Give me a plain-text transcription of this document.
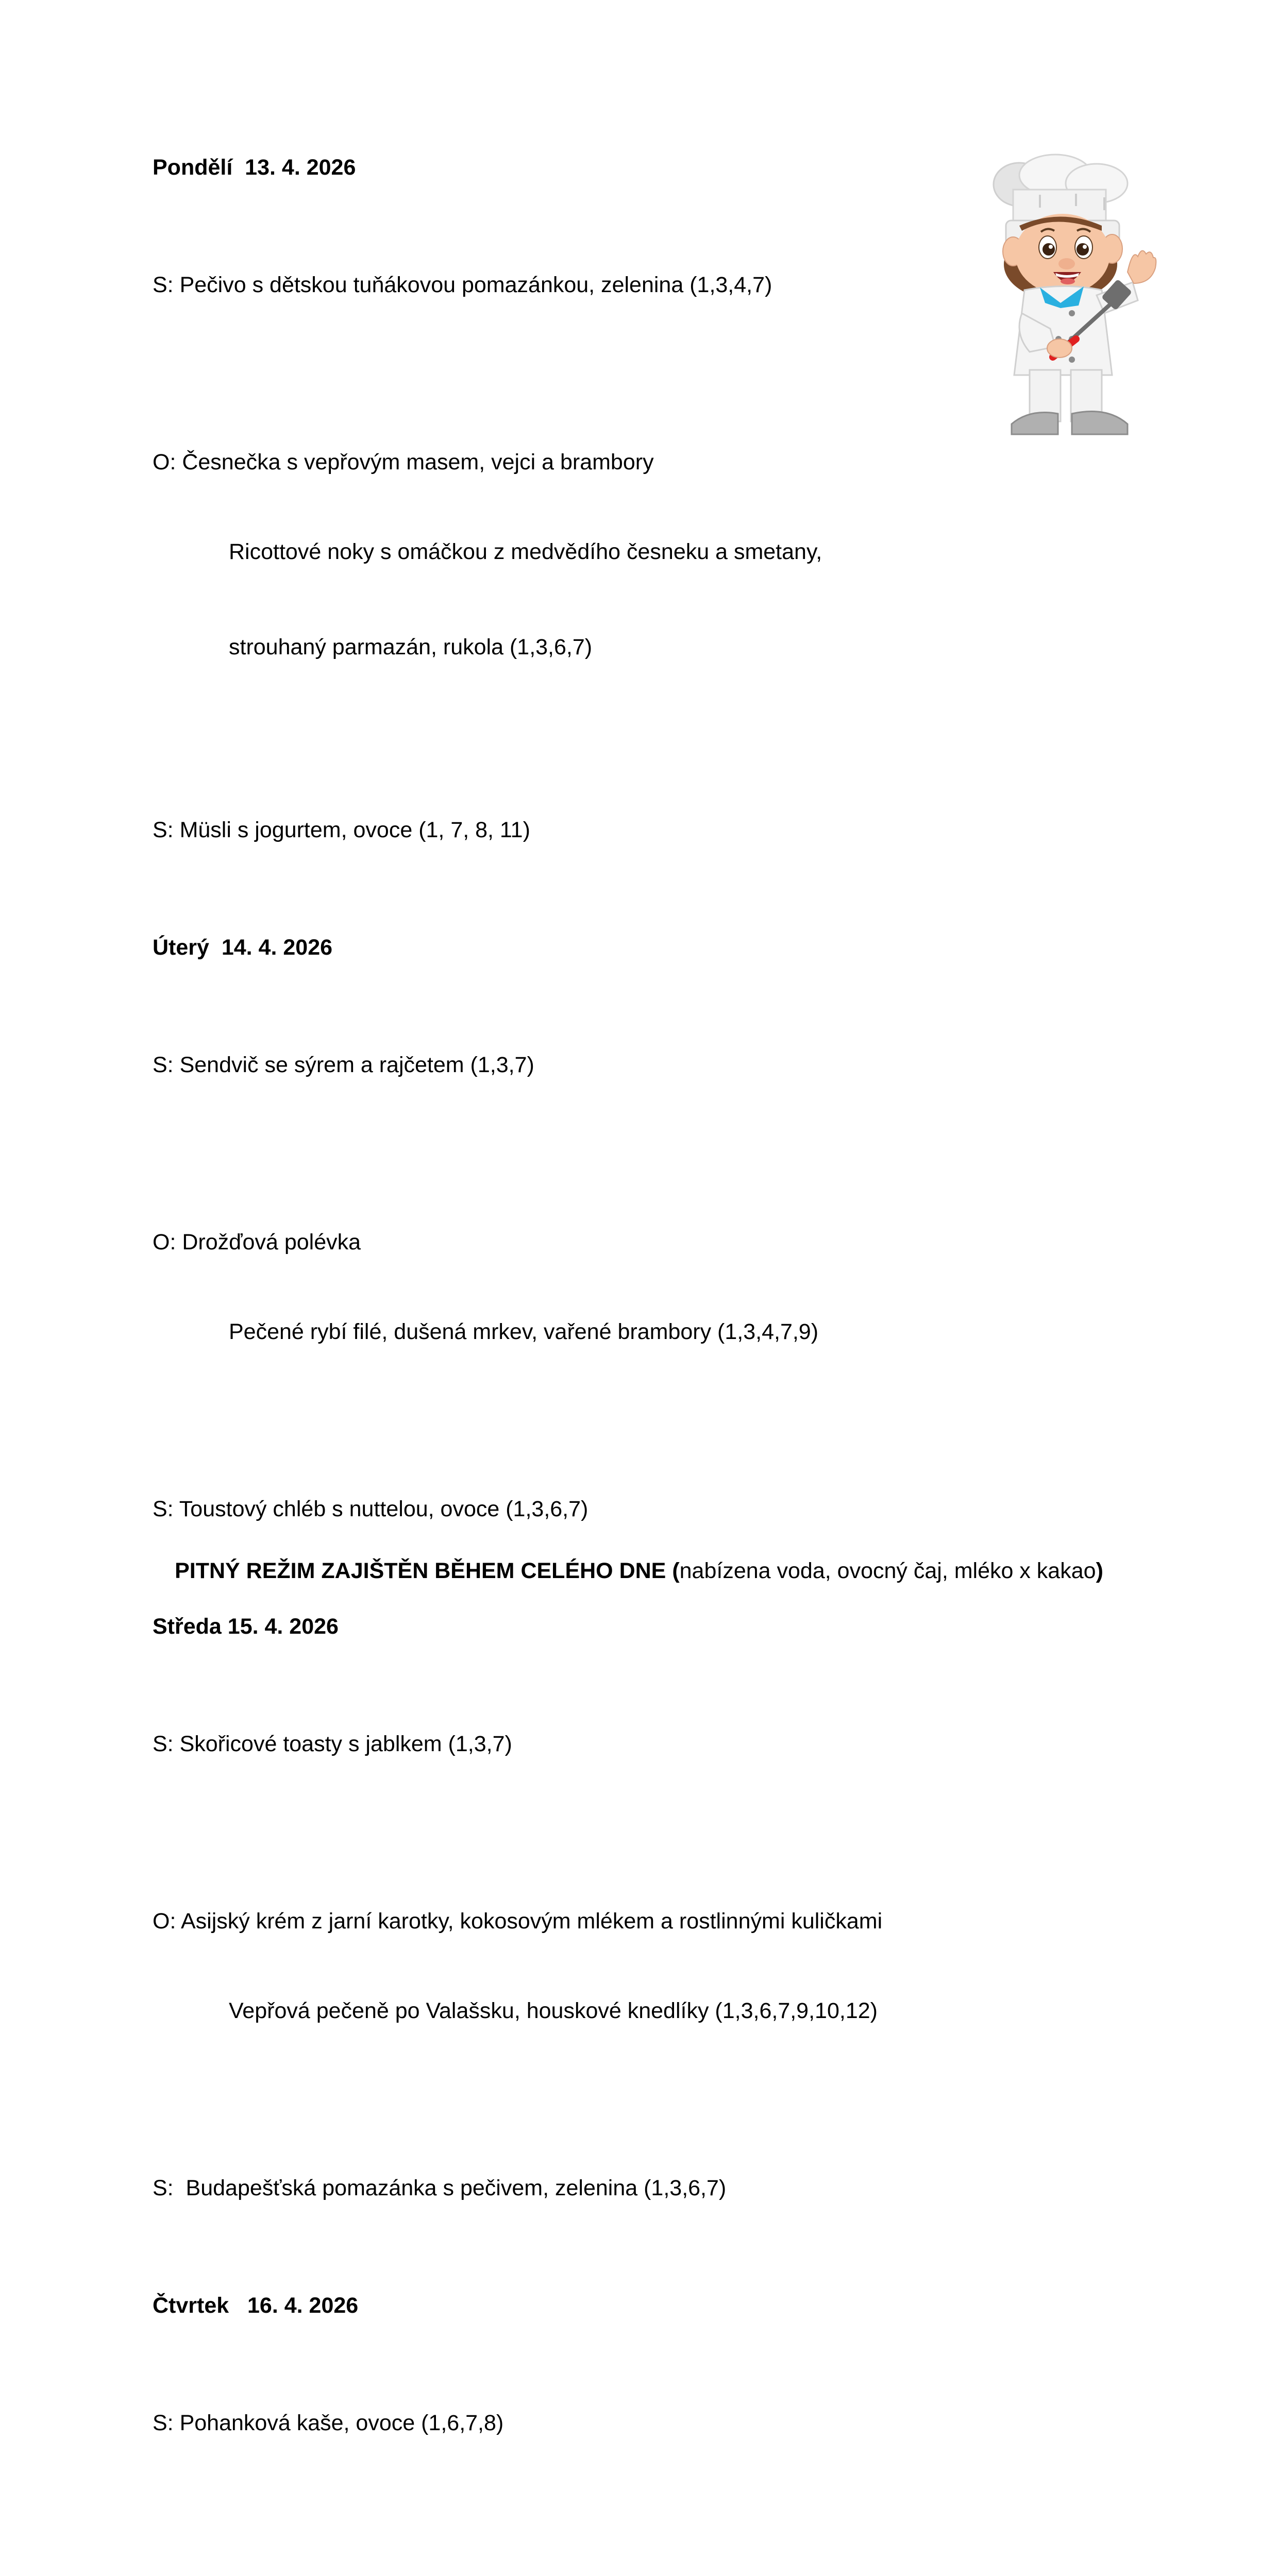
Pondělí  13. 4. 2026

S: Pečivo s dětskou tuňákovou pomazánkou, zelenina (1,3,4,7)

O: Česnečka s vepřovým masem, vejci a brambory

Ricottové noky s omáčkou z medvědího česneku a smetany,

strouhaný parmazán, rukola (1,3,6,7)

S: Müsli s jogurtem, ovoce (1, 7, 8, 11)

Úterý  14. 4. 2026

S: Sendvič se sýrem a rajčetem (1,3,7)

O: Drožďová polévka

Pečené rybí filé, dušená mrkev, vařené brambory (1,3,4,7,9)

S: Toustový chléb s nuttelou, ovoce (1,3,6,7)

Středa 15. 4. 2026

S: Skořicové toasty s jablkem (1,3,7)

O: Asijský krém z jarní karotky, kokosovým mlékem a rostlinnými kuličkami

Vepřová pečeně po Valašsku, houskové knedlíky (1,3,6,7,9,10,12)

S:  Budapešťská pomazánka s pečivem, zelenina (1,3,6,7)

Čtvrtek   16. 4. 2026

S: Pohanková kaše, ovoce (1,6,7,8)

PITNÝ REŽIM ZAJIŠTĚN BĚHEM CELÉHO DNE (nabízena voda, ovocný čaj, mléko x kakao)
